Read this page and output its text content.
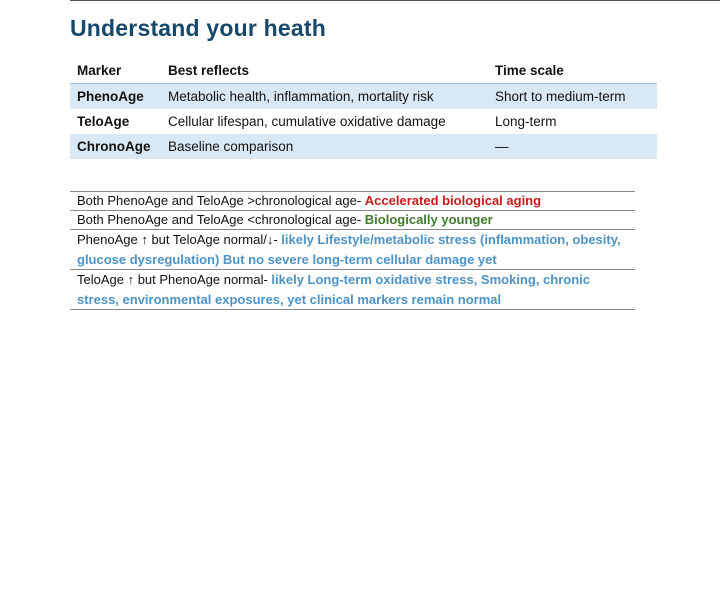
Understand your heath
Marker	Best reflects	Time scale
PhenoAge	Metabolic health, inflammation, mortality risk	Short to medium-term
TeloAge	Cellular lifespan, cumulative oxidative damage	Long-term
ChronoAge	Baseline comparison	—
Both PhenoAge and TeloAge >chronological age- Accelerated biological aging
Both PhenoAge and TeloAge <chronological age- Biologically younger
PhenoAge ↑ but TeloAge normal/↓- likely Lifestyle/metabolic stress (inflammation, obesity, glucose dysregulation) But no severe long-term cellular damage yet
TeloAge ↑ but PhenoAge normal- likely Long-term oxidative stress, Smoking, chronic stress, environmental exposures, yet clinical markers remain normal
